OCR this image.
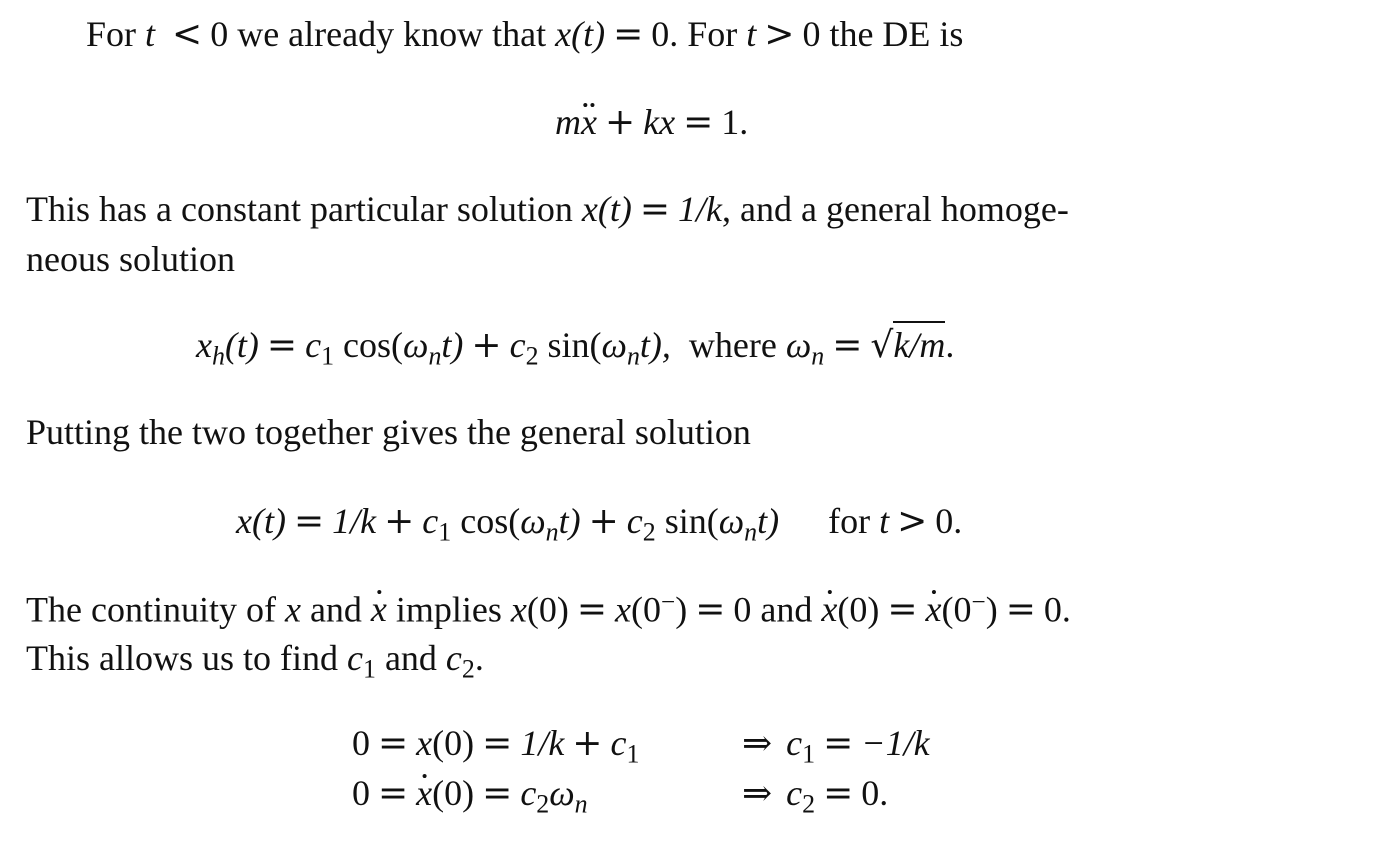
For t < 0 we already know that x(t) = 0. For t > 0 the DE is
m•• x + kx = 1.
This has a constant particular solution x(t) = 1/k, and a general homoge-
neous solution
$x_h(t) = c_1$ $\cos(\omega_nt) + c_2$ $\sin(\omega_nt)$, where $\omega_n = √k/m$.
Putting the two together gives the general solution
$x(t) = 1/k + c_1$ $\cos(\omega_nt) + c_2$ $\sin(\omega_nt)$ for t > 0.
The continuity of x and • x implies x(0) = x(0−) = 0 and • x(0) = • x(0−) = 0.
This allows us to find $c_1$ and $c_2$.
$0 = x(0) = 1/k + c_1$	⇒ $c_1 = -1/k$
0 = • $x(0) = c_2\omega_n$	⇒ $c_2 = 0$.
